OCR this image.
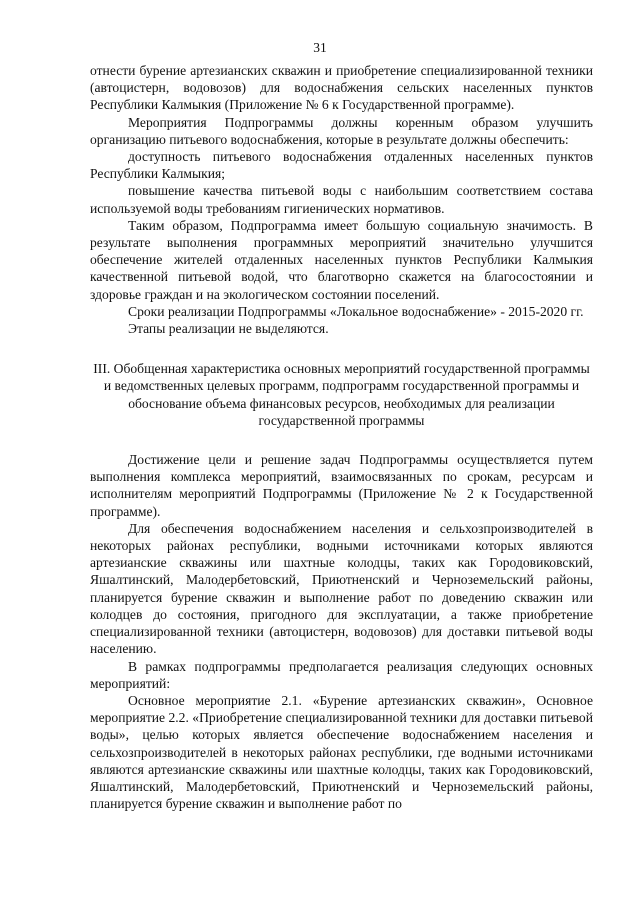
31

отнести бурение артезианских скважин и приобретение специализированной техники (автоцистерн, водовозов) для водоснабжения сельских населенных пунктов Республики Калмыкия (Приложение № 6 к Государственной программе).

Мероприятия Подпрограммы должны коренным образом улучшить организацию питьевого водоснабжения, которые в результате должны обеспечить:

доступность питьевого водоснабжения отдаленных населенных пунктов Республики Калмыкия;

повышение качества питьевой воды с наибольшим соответствием состава используемой воды требованиям гигиенических нормативов.

Таким образом, Подпрограмма имеет большую социальную значимость. В результате выполнения программных мероприятий значительно улучшится обеспечение жителей отдаленных населенных пунктов Республики Калмыкия качественной питьевой водой, что благотворно скажется на благосостоянии и здоровье граждан и на экологическом состоянии поселений.

Сроки реализации Подпрограммы «Локальное водоснабжение» - 2015-2020 гг.

Этапы реализации не выделяются.

III. Обобщенная характеристика основных мероприятий государственной программы и ведомственных целевых программ, подпрограмм государственной программы и обоснование объема финансовых ресурсов, необходимых для реализации государственной программы

Достижение цели и решение задач Подпрограммы осуществляется путем выполнения комплекса мероприятий, взаимосвязанных по срокам, ресурсам и исполнителям мероприятий Подпрограммы (Приложение № 2 к Государственной программе).

Для обеспечения водоснабжением населения и сельхозпроизводителей в некоторых районах республики, водными источниками которых являются артезианские скважины или шахтные колодцы, таких как Городовиковский, Яшалтинский, Малодербетовский, Приютненский и Черноземельский районы, планируется бурение скважин и выполнение работ по доведению скважин или колодцев до состояния, пригодного для эксплуатации, а также приобретение специализированной техники (автоцистерн, водовозов) для доставки питьевой воды населению.

В рамках подпрограммы предполагается реализация следующих основных мероприятий:

Основное мероприятие 2.1. «Бурение артезианских скважин», Основное мероприятие 2.2. «Приобретение специализированной техники для доставки питьевой воды», целью которых является обеспечение водоснабжением населения и сельхозпроизводителей в некоторых районах республики, где водными источниками являются артезианские скважины или шахтные колодцы, таких как Городовиковский, Яшалтинский, Малодербетовский, Приютненский и Черноземельский районы, планируется бурение скважин и выполнение работ по
